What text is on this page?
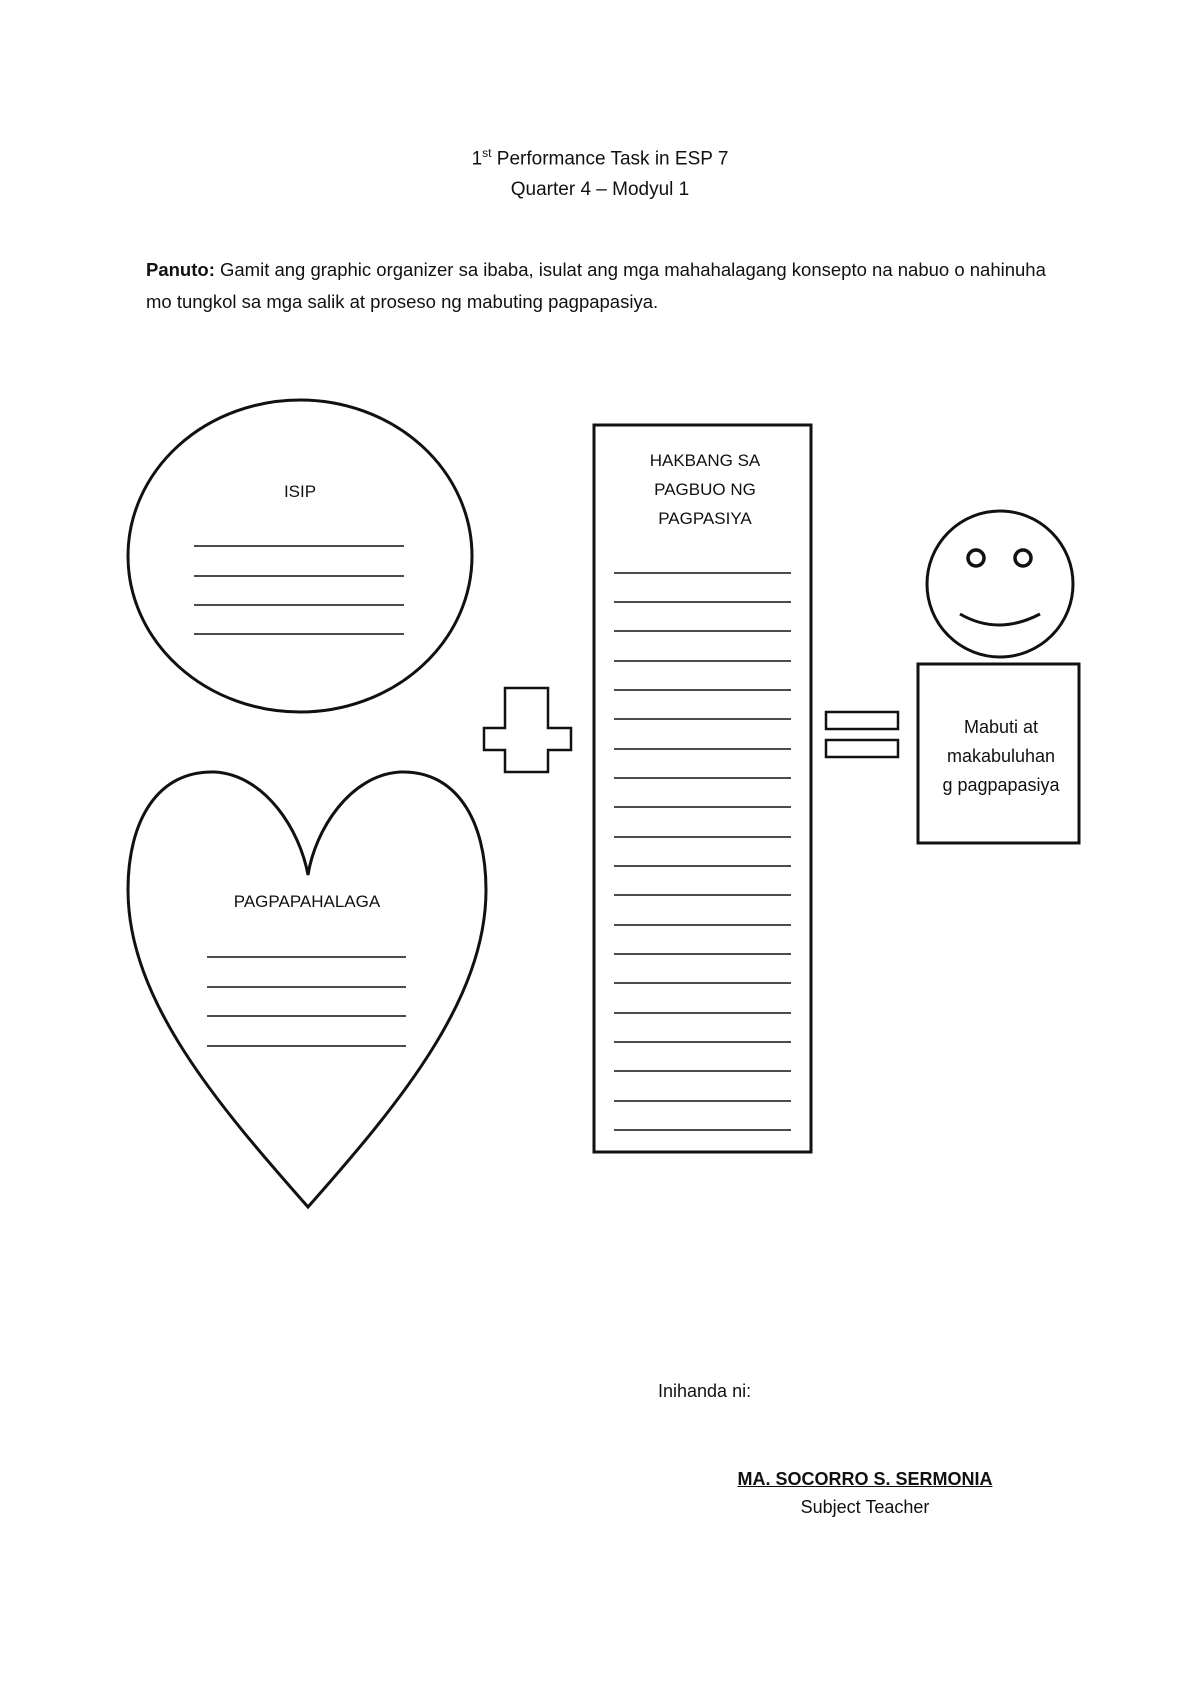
1st Performance Task in ESP 7
Quarter 4 – Modyul 1
Panuto: Gamit ang graphic organizer sa ibaba, isulat ang mga mahahalagang konsepto na nabuo o nahinuha mo tungkol sa mga salik at proseso ng mabuting pagpapasiya.
ISIP
PAGPAPAHALAGA
HAKBANG SA
PAGBUO NG
PAGPASIYA
Mabuti at
makabuluhan
g pagpapasiya
Inihanda ni:
MA. SOCORRO S. SERMONIA
Subject Teacher
